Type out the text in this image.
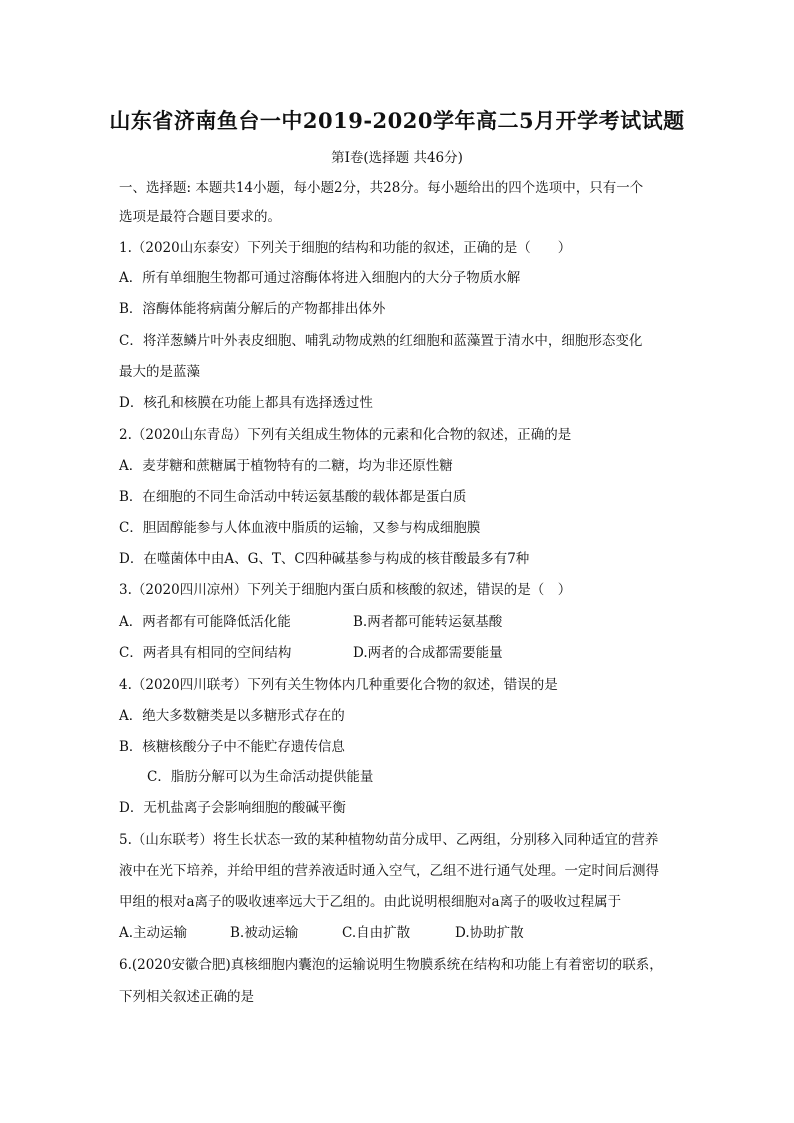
山东省济南鱼台一中2019-2020学年高二5月开学考试试题
第I卷(选择题 共46分)
一、选择题: 本题共14小题，每小题2分，共28分。每小题给出的四个选项中，只有一个
选项是最符合题目要求的。
1.（2020山东泰安）下列关于细胞的结构和功能的叙述，正确的是（　　）
A．所有单细胞生物都可通过溶酶体将进入细胞内的大分子物质水解
B．溶酶体能将病菌分解后的产物都排出体外
C．将洋葱鳞片叶外表皮细胞、哺乳动物成熟的红细胞和蓝藻置于清水中，细胞形态变化
最大的是蓝藻
D．核孔和核膜在功能上都具有选择透过性
2.（2020山东青岛）下列有关组成生物体的元素和化合物的叙述，正确的是
A．麦芽糖和蔗糖属于植物特有的二糖，均为非还原性糖
B．在细胞的不同生命活动中转运氨基酸的载体都是蛋白质
C．胆固醇能参与人体血液中脂质的运输，又参与构成细胞膜
D．在噬菌体中由A、G、T、C四种碱基参与构成的核苷酸最多有7种
3.（2020四川凉州）下列关于细胞内蛋白质和核酸的叙述，错误的是（　）
A．两者都有可能降低活化能	B.两者都可能转运氨基酸
C．两者具有相同的空间结构	D.两者的合成都需要能量
4.（2020四川联考）下列有关生物体内几种重要化合物的叙述，错误的是
A．绝大多数糖类是以多糖形式存在的
B．核糖核酸分子中不能贮存遗传信息
C．脂肪分解可以为生命活动提供能量
D．无机盐离子会影响细胞的酸碱平衡
5.（山东联考）将生长状态一致的某种植物幼苗分成甲、乙两组，分别移入同种适宜的营养
液中在光下培养，并给甲组的营养液适时通入空气，乙组不进行通气处理。一定时间后测得
甲组的根对a离子的吸收速率远大于乙组的。由此说明根细胞对a离子的吸收过程属于
A.主动运输	B.被动运输	C.自由扩散	D.协助扩散
6.(2020安徽合肥)真核细胞内囊泡的运输说明生物膜系统在结构和功能上有着密切的联系，
下列相关叙述正确的是
